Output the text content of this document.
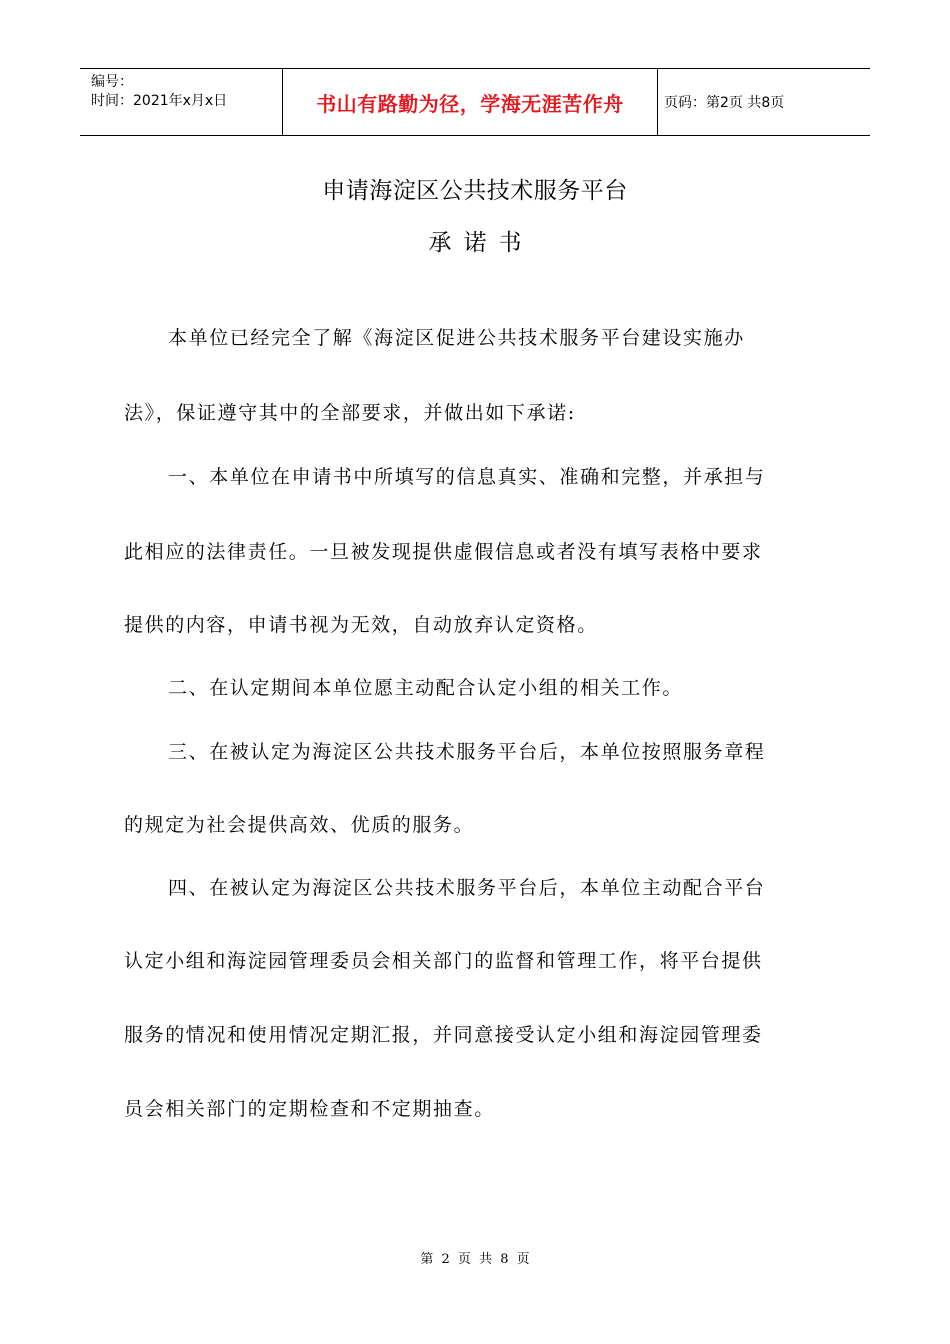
编号：
时间：2021年x月x日	书山有路勤为径，学海无涯苦作舟	页码：第2页 共8页
申请海淀区公共技术服务平台
承诺书
本单位已经完全了解《海淀区促进公共技术服务平台建设实施办
法》，保证遵守其中的全部要求，并做出如下承诺:
一、本单位在申请书中所填写的信息真实、准确和完整，并承担与
此相应的法律责任。一旦被发现提供虚假信息或者没有填写表格中要求
提供的内容，申请书视为无效，自动放弃认定资格。
二、在认定期间本单位愿主动配合认定小组的相关工作。
三、在被认定为海淀区公共技术服务平台后，本单位按照服务章程
的规定为社会提供高效、优质的服务。
四、在被认定为海淀区公共技术服务平台后，本单位主动配合平台
认定小组和海淀园管理委员会相关部门的监督和管理工作，将平台提供
服务的情况和使用情况定期汇报，并同意接受认定小组和海淀园管理委
员会相关部门的定期检查和不定期抽查。
第 2 页 共 8 页
